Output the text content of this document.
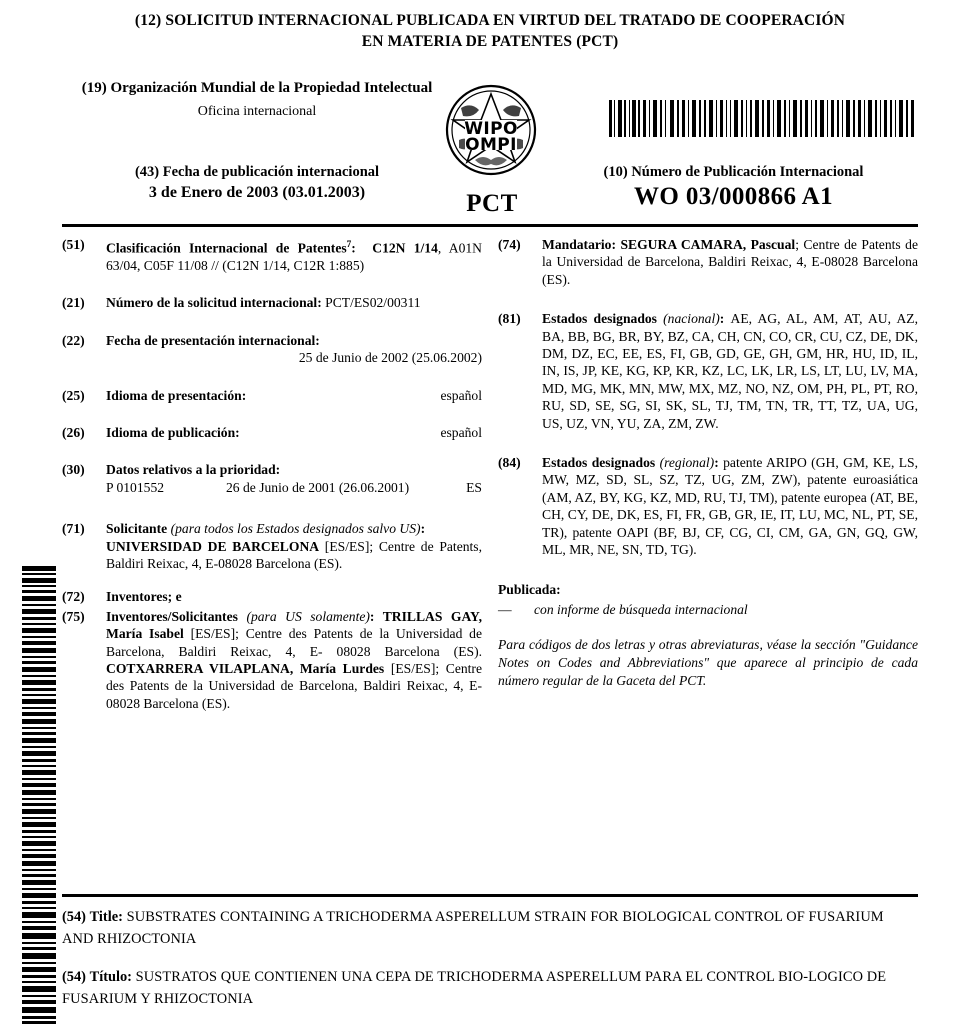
(12) SOLICITUD INTERNACIONAL PUBLICADA EN VIRTUD DEL TRATADO DE COOPERACIÓN
EN MATERIA DE PATENTES (PCT)
(19) Organización Mundial de la Propiedad Intelectual
Oficina internacional
(43) Fecha de publicación internacional
3 de Enero de 2003 (03.01.2003)
WIPO
OMPI
PCT
(10) Número de Publicación Internacional
WO 03/000866 A1
(51)	Clasificación Internacional de Patentes$^7$: C12N 1/14, A01N 63/04, C05F 11/08 // (C12N 1/14, C12R 1:885)

(21)	Número de la solicitud internacional: PCT/ES02/00311

(22)	Fecha de presentación internacional:

25 de Junio de 2002 (25.06.2002)

(25)	Idioma de presentación:	español

(26)	Idioma de publicación:	español

(30)	Datos relativos a la prioridad:

P 0101552	26 de Junio de 2001 (26.06.2001)	ES

(71)	Solicitante (para todos los Estados designados salvo US):
UNIVERSIDAD DE BARCELONA [ES/ES]; Centre de Patents, Baldiri Reixac, 4, E-08028 Barcelona (ES).

(72)	Inventores; e

(75)	Inventores/Solicitantes (para US solamente): TRILLAS GAY, María Isabel [ES/ES]; Centre des Patents de la Universidad de Barcelona, Baldiri Reixac, 4, E- 08028 Barcelona (ES). COTXARRERA VILAPLANA, María Lurdes [ES/ES]; Centre des Patents de la Universidad de Barcelona, Baldiri Reixac, 4, E-08028 Barcelona (ES).

(74)	Mandatario: SEGURA CAMARA, Pascual; Centre de Patents de la Universidad de Barcelona, Baldiri Reixac, 4, E-08028 Barcelona (ES).

(81)	Estados designados (nacional): AE, AG, AL, AM, AT, AU, AZ, BA, BB, BG, BR, BY, BZ, CA, CH, CN, CO, CR, CU, CZ, DE, DK, DM, DZ, EC, EE, ES, FI, GB, GD, GE, GH, GM, HR, HU, ID, IL, IN, IS, JP, KE, KG, KP, KR, KZ, LC, LK, LR, LS, LT, LU, LV, MA, MD, MG, MK, MN, MW, MX, MZ, NO, NZ, OM, PH, PL, PT, RO, RU, SD, SE, SG, SI, SK, SL, TJ, TM, TN, TR, TT, TZ, UA, UG, US, UZ, VN, YU, ZA, ZM, ZW.

(84)	Estados designados (regional): patente ARIPO (GH, GM, KE, LS, MW, MZ, SD, SL, SZ, TZ, UG, ZM, ZW), patente euroasiática (AM, AZ, BY, KG, KZ, MD, RU, TJ, TM), patente europea (AT, BE, CH, CY, DE, DK, ES, FI, FR, GB, GR, IE, IT, LU, MC, NL, PT, SE, TR), patente OAPI (BF, BJ, CF, CG, CI, CM, GA, GN, GQ, GW, ML, MR, NE, SN, TD, TG).

Publicada:
— con informe de búsqueda internacional
Para códigos de dos letras y otras abreviaturas, véase la sección "Guidance Notes on Codes and Abbreviations" que aparece al principio de cada número regular de la Gaceta del PCT.
(54) Title: SUBSTRATES CONTAINING A TRICHODERMA ASPERELLUM STRAIN FOR BIOLOGICAL CONTROL OF FUSARIUM AND RHIZOCTONIA
(54) Título: SUSTRATOS QUE CONTIENEN UNA CEPA DE TRICHODERMA ASPERELLUM PARA EL CONTROL BIO-LOGICO DE FUSARIUM Y RHIZOCTONIA
